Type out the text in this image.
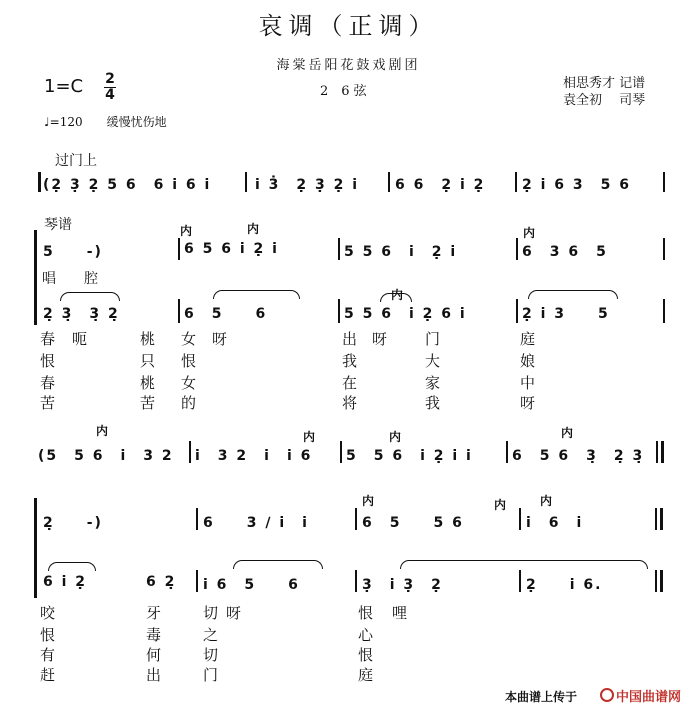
哀调（正调）
海棠岳阳花鼓戏剧团
1=C 2
4	2　6 弦
相思秀才 记谱
袁全初　 司琴
♩=120　　缓慢忧伤地
过门上
(2̣ 3̣ 2̣ 5 6　6 i 6 i	i 3̇　2̣ 3̣ 2̣ i	6 6　2̣ i 2̣	2̣ i 6 3　5 6
琴谱	内	内	内
5　　-)	6 5 6 i 2̣ i	5 5 6　i　2̣ i	6　3 6　5
唱　　腔
内
2̣ 3̣　3̣ 2̣	6　5　　6	5 5 6　i 2̣ 6 i	2̣ i 3　　5
春 呃	桃 女 呀	出 呀	门	庭
恨	只 恨	我	大	娘
春	桃 女	在	家	中
苦	苦 的	将	我	呀
内	内	内	内
(5　5 6　i　3 2 i　3 2　i　i 6 5　5 6　i 2̣ i i	6　5 6　3̣　2̣ 3̣
内	内	内
2̣　　-)	6　　3 ∕ i　i	6　5　　5 6	i　6　i
6 i 2̣	6 2̣ i 6　5　　6	3̣　i 3̣　2̣	2̣　　i 6.
咬	牙	切 呀	恨 哩
恨	毒	之	心
有	何	切	恨
赶	出	门	庭
本曲谱上传于	中国曲谱网
